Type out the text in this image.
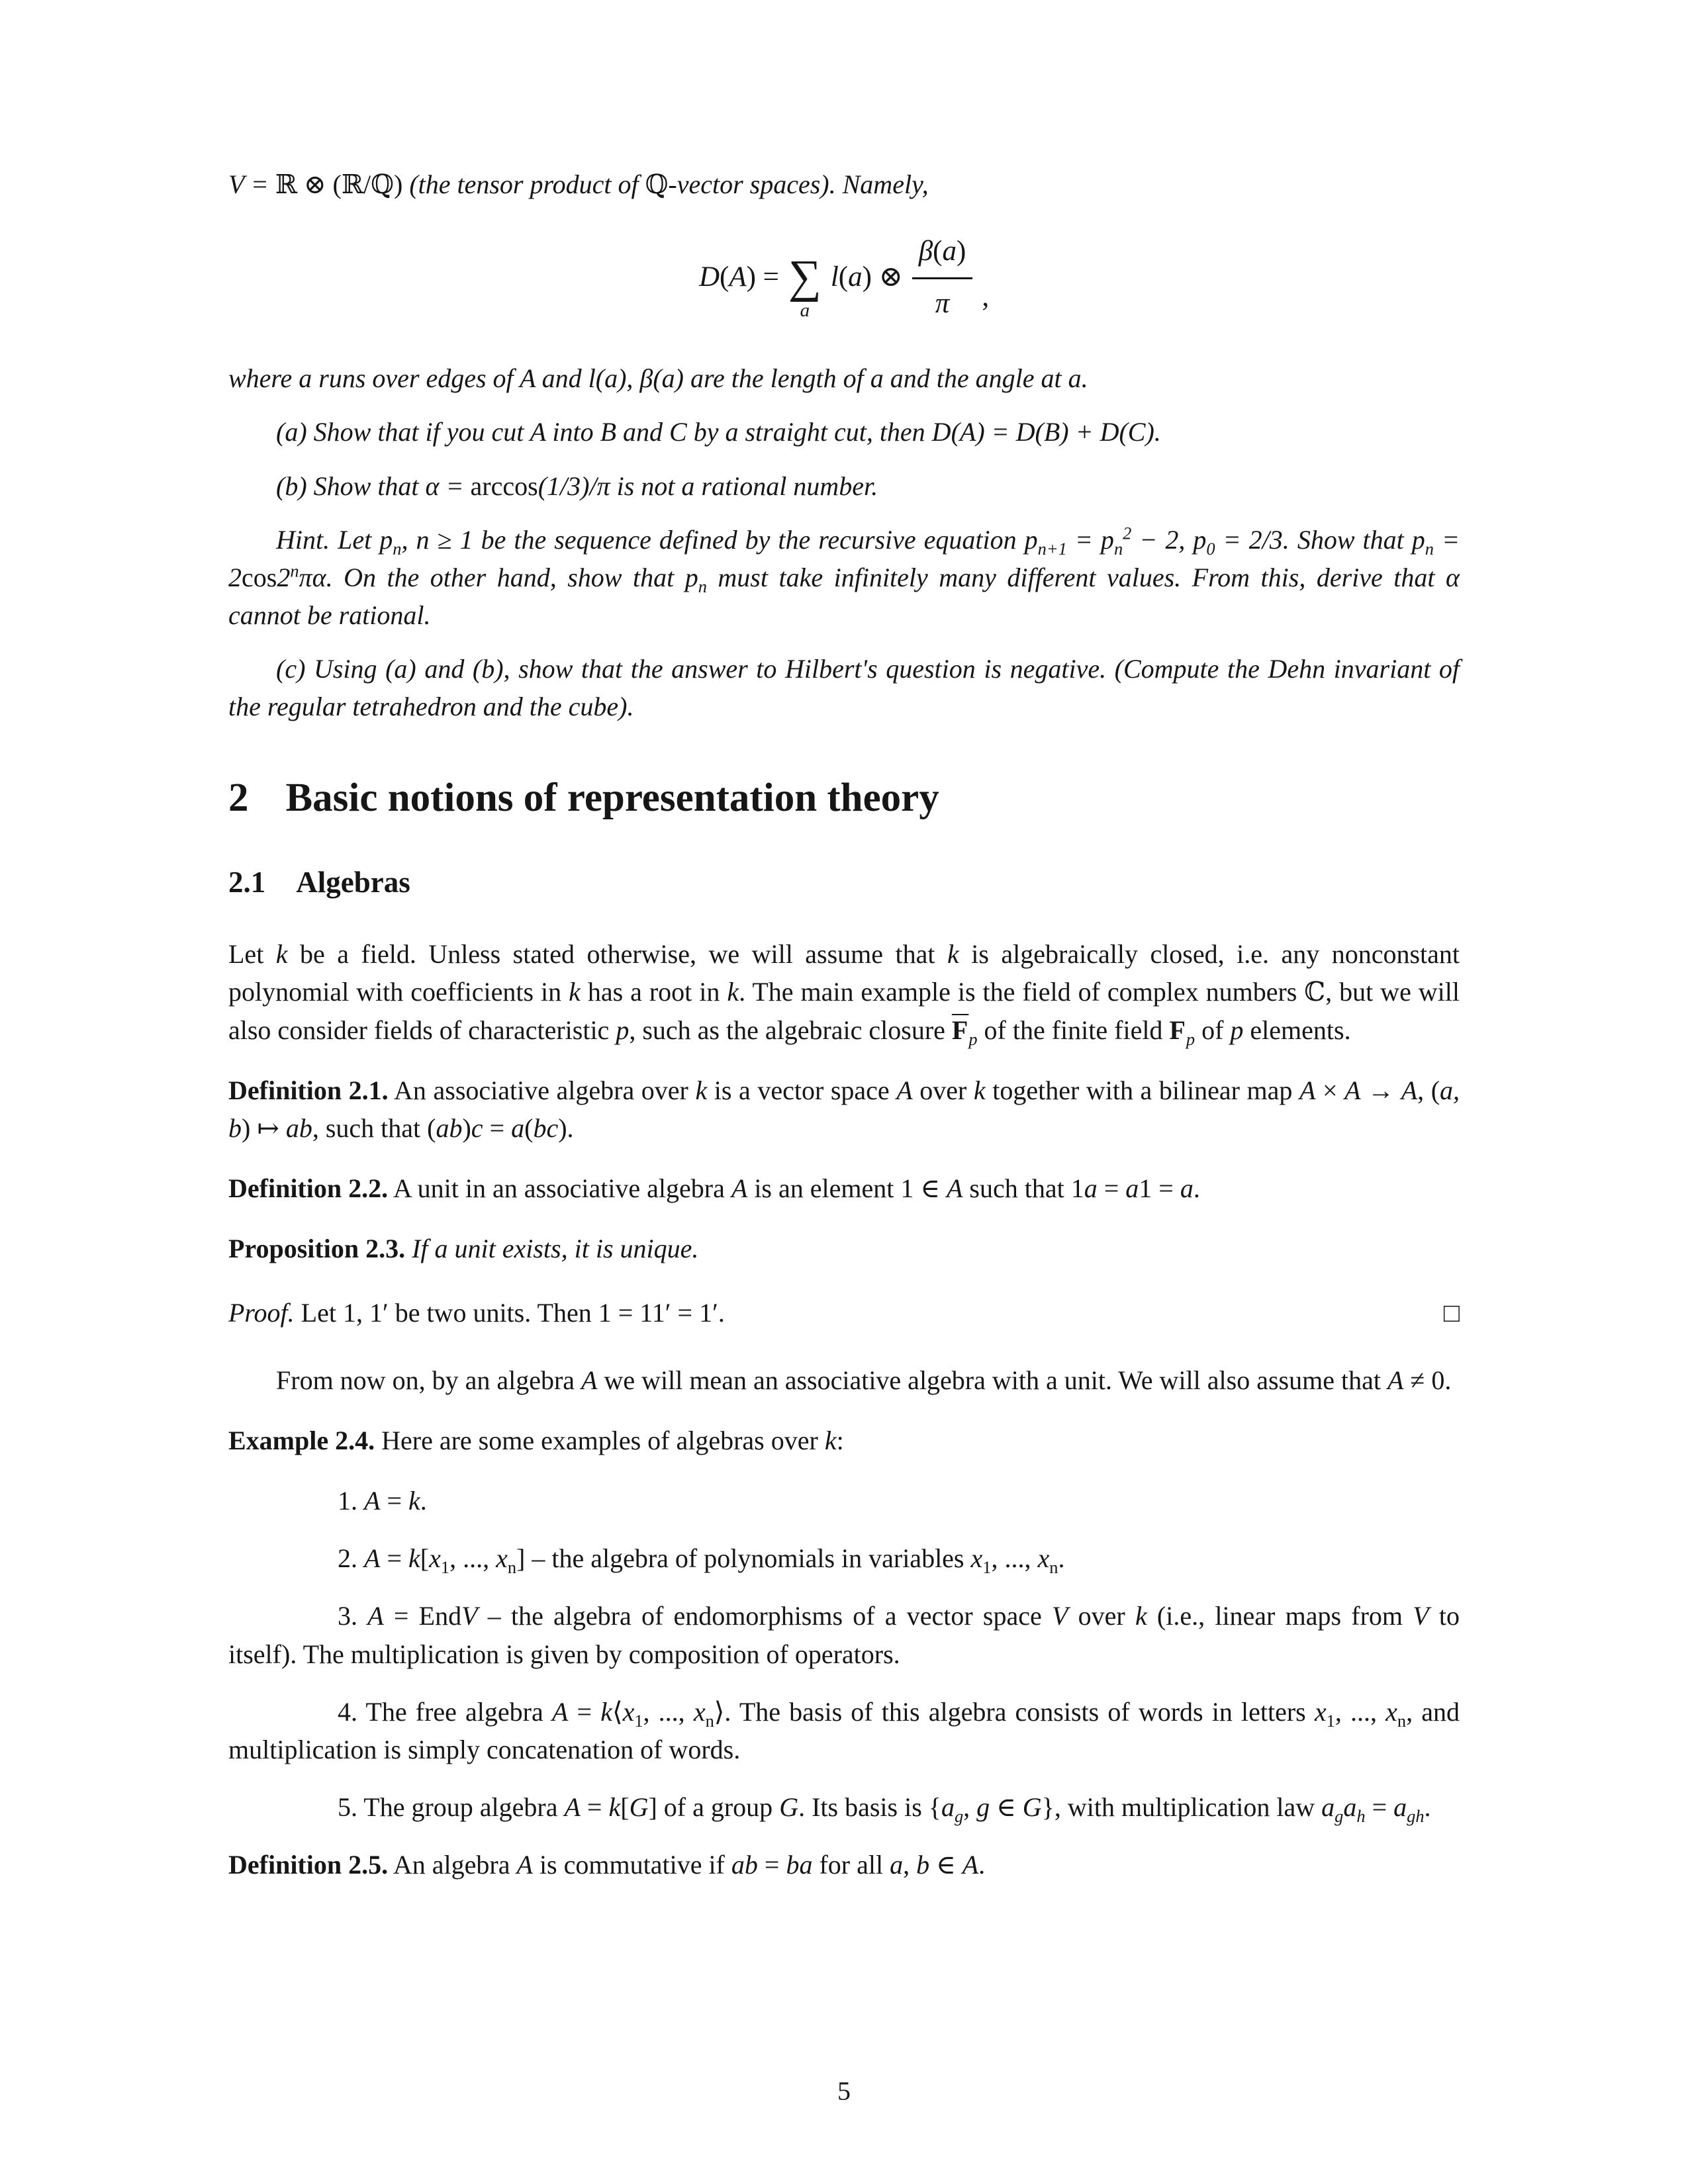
V = ℝ ⊗ (ℝ/ℚ) (the tensor product of ℚ-vector spaces). Namely,

D(A) = ∑
a
l(a) ⊗ $\frac{\beta(a)}{\pi}$ ,

where a runs over edges of A and l(a), β(a) are the length of a and the angle at a.

(a) Show that if you cut A into B and C by a straight cut, then D(A) = D(B) + D(C).

(b) Show that α = arccos(1/3)/π is not a rational number.

Hint. Let $p_n$, n ≥ 1 be the sequence defined by the recursive equation $p_{n+1} = p_n^2 - 2$, $p_0 = 2/3$. Show that $p_n = 2\cos 2^n\pi\alpha$. On the other hand, show that $p_n$ must take infinitely many different values. From this, derive that α cannot be rational.

(c) Using (a) and (b), show that the answer to Hilbert's question is negative. (Compute the Dehn invariant of the regular tetrahedron and the cube).

2 Basic notions of representation theory
2.1 Algebras

Let k be a field. Unless stated otherwise, we will assume that k is algebraically closed, i.e. any nonconstant polynomial with coefficients in k has a root in k. The main example is the field of complex numbers ℂ, but we will also consider fields of characteristic p, such as the algebraic closure $\overline{F}_p$ of the finite field $F_p$ of p elements.

Definition 2.1. An associative algebra over k is a vector space A over k together with a bilinear map A × A → A, (a, b) ↦ ab, such that (ab)c = a(bc).

Definition 2.2. A unit in an associative algebra A is an element 1 ∈ A such that 1a = a1 = a.

Proposition 2.3. If a unit exists, it is unique.

Proof. Let 1, 1′ be two units. Then 1 = 11′ = 1′.	□

From now on, by an algebra A we will mean an associative algebra with a unit. We will also assume that A ≠ 0.

Example 2.4. Here are some examples of algebras over k:

1. A = k.

2. $A = k[x_1$, ..., $x_n$] – the algebra of polynomials in variables $x_1$, ..., $x_n$.

3. A = EndV – the algebra of endomorphisms of a vector space V over k (i.e., linear maps from V to itself). The multiplication is given by composition of operators.

4. The free algebra $A = k⟨x_1$, ..., $x_n⟩$. The basis of this algebra consists of words in letters $x_1$, ..., $x_n$, and multiplication is simply concatenation of words.

5. The group algebra A = k[G] of a group G. Its basis is {$a_g$, g ∈ G}, with multiplication law $a_ga_h = a_{gh}$.

Definition 2.5. An algebra A is commutative if ab = ba for all a, b ∈ A.

5
